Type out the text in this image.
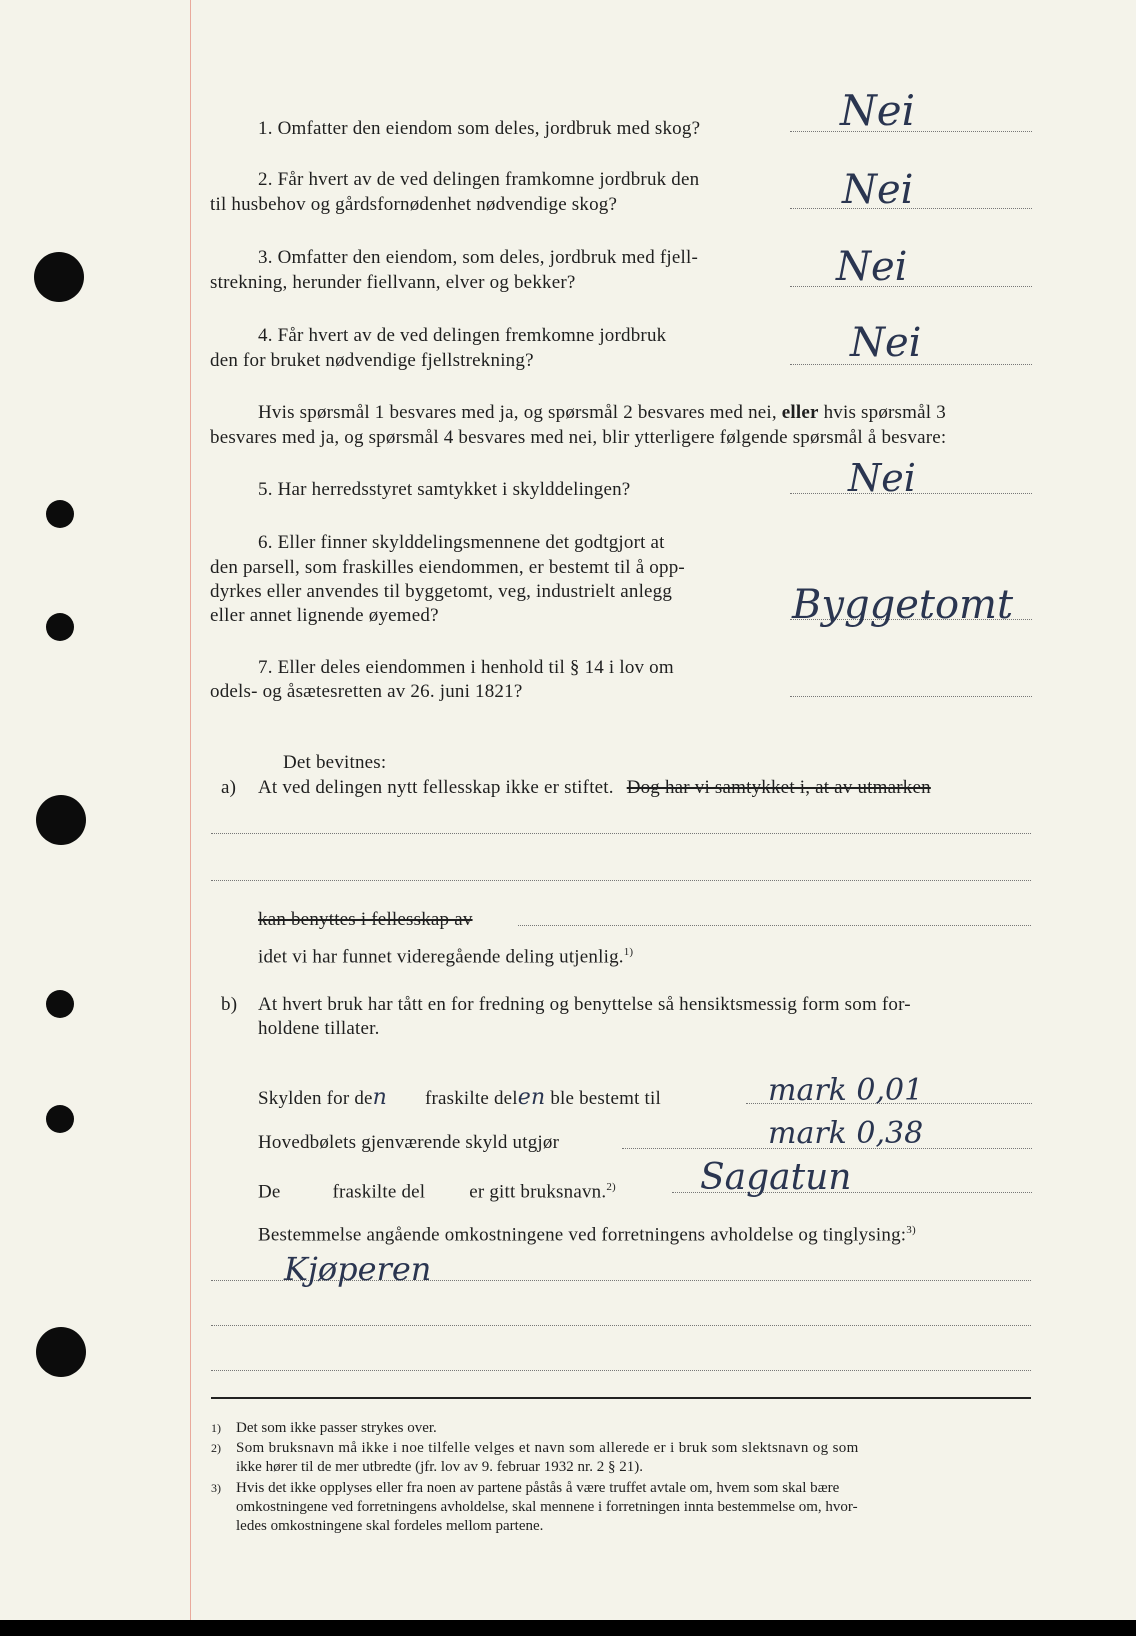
1. Omfatter den eiendom som deles, jordbruk med skog?	Nei
2. Får hvert av de ved delingen framkomne jordbruk den
til husbehov og gårdsfornødenhet nødvendige skog?	Nei
3. Omfatter den eiendom, som deles, jordbruk med fjell-
strekning, herunder fiellvann, elver og bekker?	Nei
4. Får hvert av de ved delingen fremkomne jordbruk
den for bruket nødvendige fjellstrekning?	Nei
Hvis spørsmål 1 besvares med ja, og spørsmål 2 besvares med nei, eller hvis spørsmål 3
besvares med ja, og spørsmål 4 besvares med nei, blir ytterligere følgende spørsmål å besvare:
5. Har herredsstyret samtykket i skylddelingen?	Nei
6. Eller finner skylddelingsmennene det godtgjort at
den parsell, som fraskilles eiendommen, er bestemt til å opp-
dyrkes eller anvendes til byggetomt, veg, industrielt anlegg
eller annet lignende øyemed?	Byggetomt
7. Eller deles eiendommen i henhold til § 14 i lov om
odels- og åsætesretten av 26. juni 1821?
Det bevitnes:
a) At ved delingen nytt fellesskap ikke er stiftet. Dog har vi samtykket i, at av utmarken
kan benyttes i fellesskap av
idet vi har funnet videregående deling utjenlig.$^{1)}$
b) At hvert bruk har tått en for fredning og benyttelse så hensiktsmessig form som for-
holdene tillater.
Skylden for den fraskilte delen ble bestemt til	mark 0,01
Hovedbølets gjenværende skyld utgjør	mark 0,38
De	fraskilte del er gitt bruksnavn.$^{2)}$ Sagatun
Bestemmelse angående omkostningene ved forretningens avholdelse og tinglysing:$^{3)}$
Kjøperen
1) Det som ikke passer strykes over.
2) Som bruksnavn må ikke i noe tilfelle velges et navn som allerede er i bruk som slektsnavn og som
ikke hører til de mer utbredte (jfr. lov av 9. februar 1932 nr. 2 § 21).
3) Hvis det ikke opplyses eller fra noen av partene påstås å være truffet avtale om, hvem som skal bære
omkostningene ved forretningens avholdelse, skal mennene i forretningen innta bestemmelse om, hvor-
ledes omkostningene skal fordeles mellom partene.
